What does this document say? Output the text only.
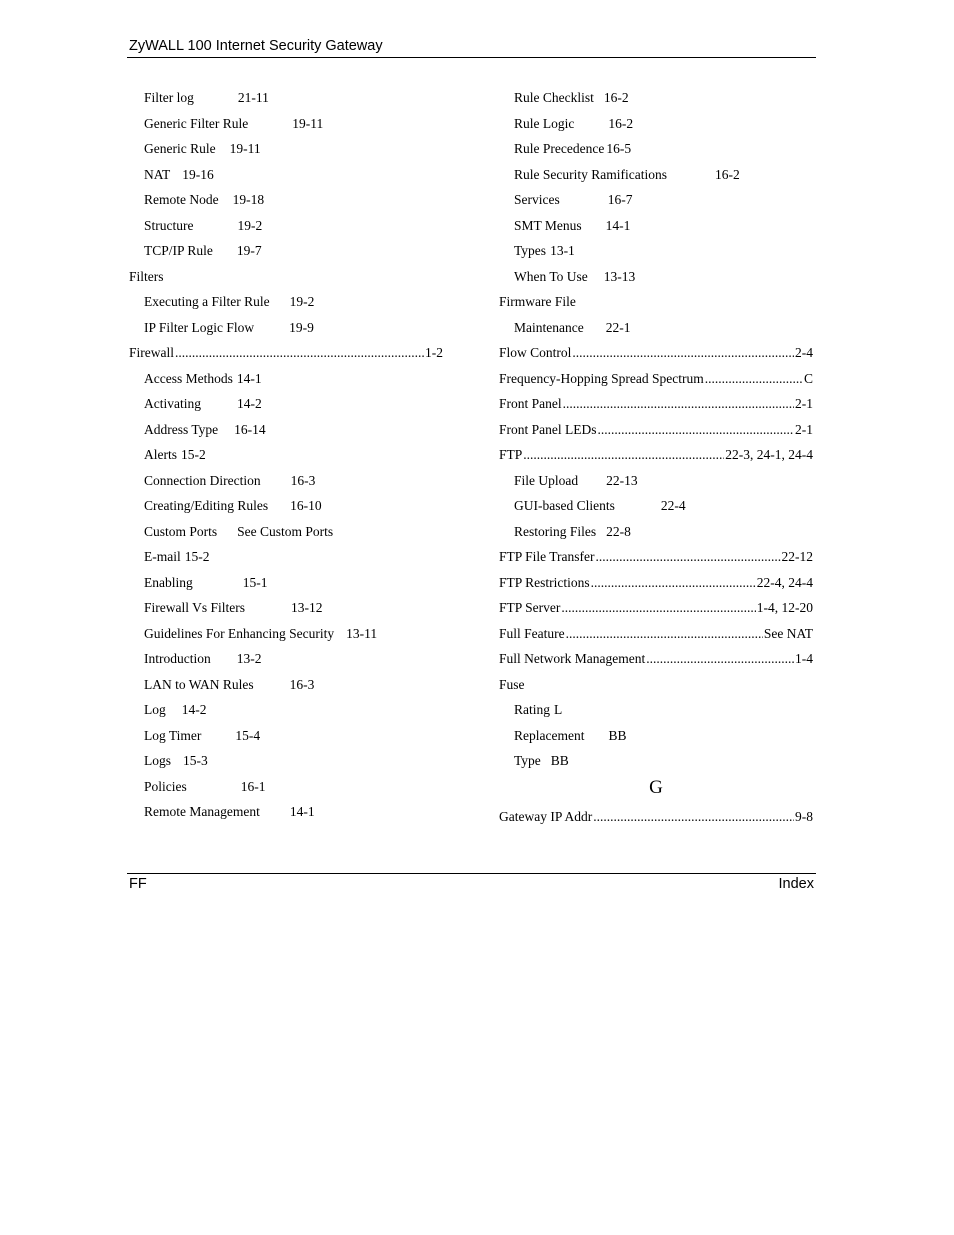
ZyWALL 100 Internet Security Gateway
Filter log	21-11
Generic Filter Rule	19-11
Generic Rule 19-11
NAT 19-16
Remote Node 19-18
Structure	19-2
TCP/IP Rule 19-7
Filters
Executing a Filter Rule 19-2
IP Filter Logic Flow	19-9
Firewall .....	1-2
Access Methods 14-1
Activating	14-2
Address Type 16-14
Alerts 15-2
Connection Direction 16-3
Creating/Editing Rules 16-10
Custom Ports See Custom Ports
E-mail 15-2
Enabling	15-1
Firewall Vs Filters	13-12
Guidelines For Enhancing Security 13-11
Introduction 13-2
LAN to WAN Rules	16-3
Log 14-2
Log Timer	15-4
Logs 15-3
Policies	16-1
Remote Management 14-1
Rule Checklist 16-2
Rule Logic	16-2
Rule Precedence 16-5
Rule Security Ramifications	16-2
Services	16-7
SMT Menus 14-1
Types 13-1
When To Use 13-13
Firmware File
Maintenance 22-1
Flow Control .....	2-4
Frequency-Hopping Spread Spectrum .....	C
Front Panel .....	2-1
Front Panel LEDs .....	2-1
FTP .....	22-3, 24-1, 24-4
File Upload 22-13
GUI-based Clients	22-4
Restoring Files 22-8
FTP File Transfer .....	22-12
FTP Restrictions .....	22-4, 24-4
FTP Server .....	1-4, 12-20
Full Feature .....	See NAT
Full Network Management .....	1-4
Fuse
Rating L
Replacement BB
Type BB
G
Gateway IP Addr .....	9-8
FF	Index
